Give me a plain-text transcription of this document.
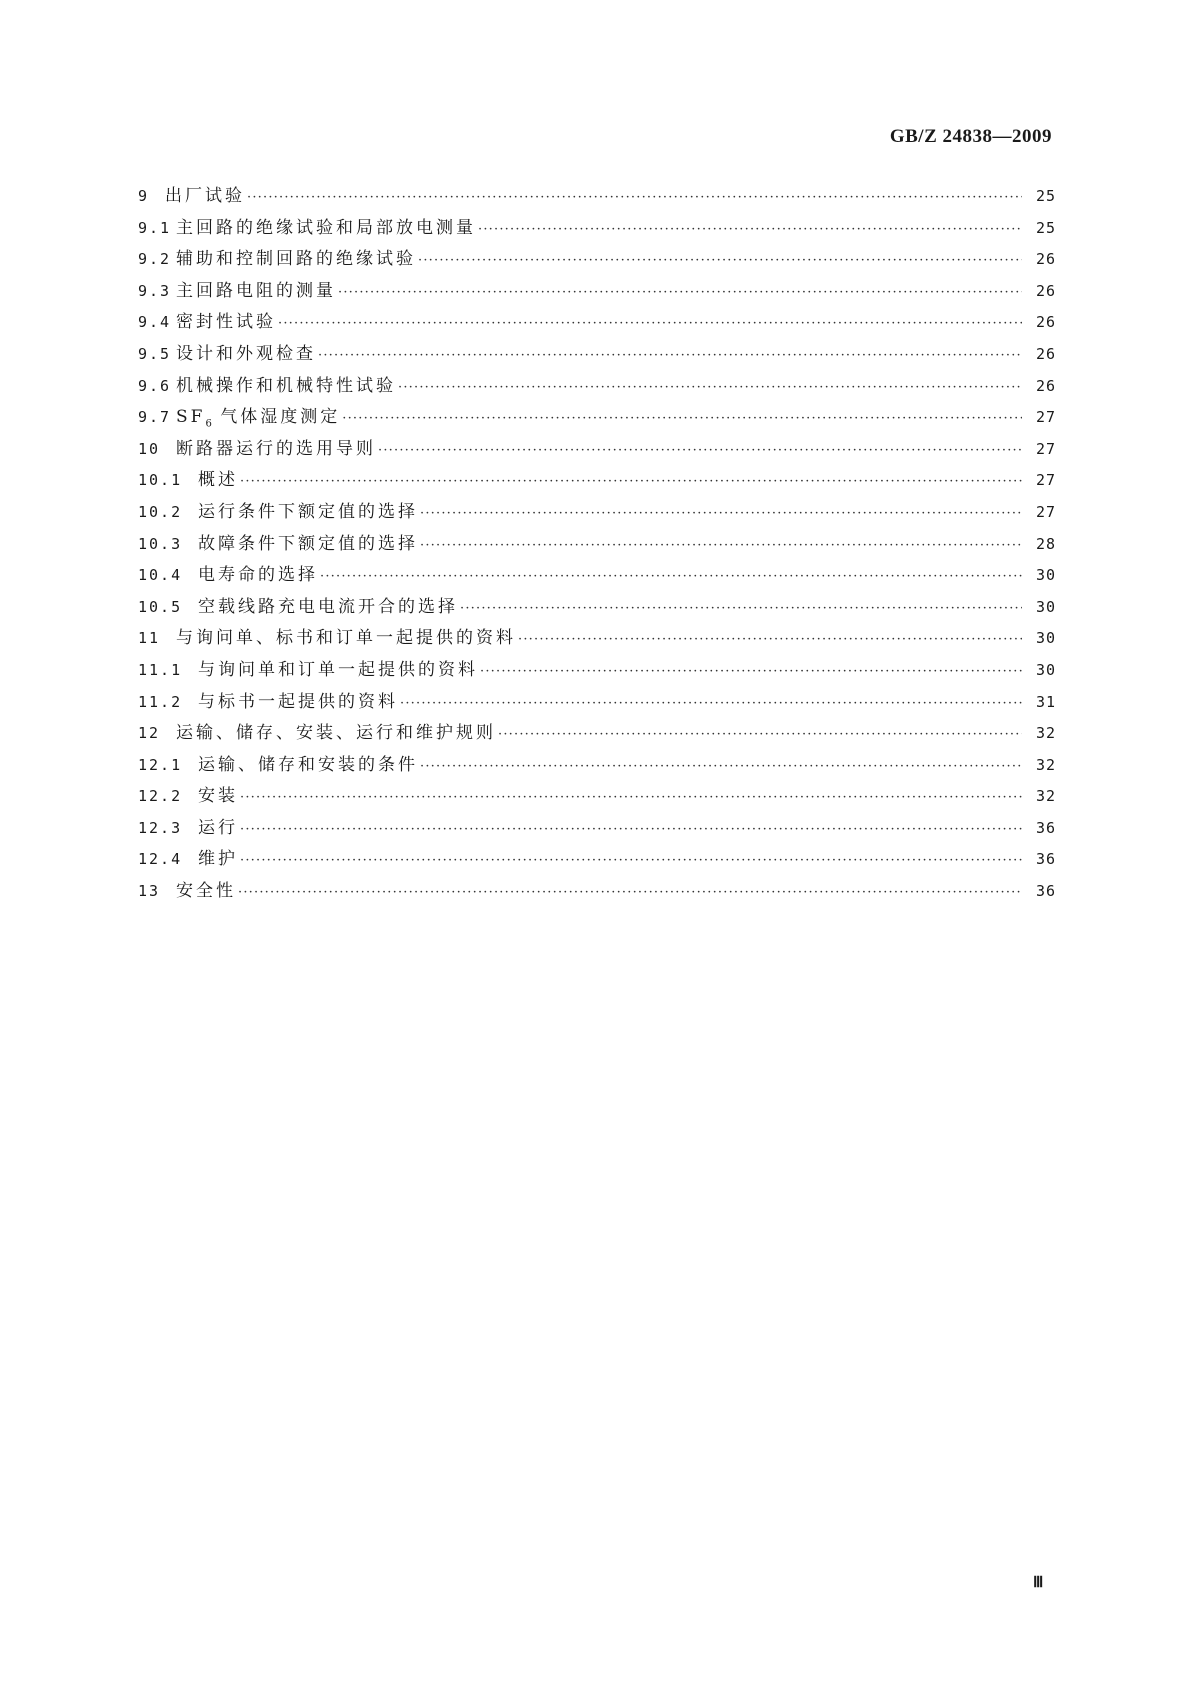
GB/Z 24838—2009
9 出厂试验 ·····	25
9.1 主回路的绝缘试验和局部放电测量 ·····	25
9.2 辅助和控制回路的绝缘试验 ·····	26
9.3 主回路电阻的测量 ·····	26
9.4 密封性试验 ·····	26
9.5 设计和外观检查 ·····	26
9.6 机械操作和机械特性试验 ·····	26
9.7 $SF_6$ 气体湿度测定 ·····	27
10 断路器运行的选用导则 ·····	27
10.1 概述 ·····	27
10.2 运行条件下额定值的选择 ·····	27
10.3 故障条件下额定值的选择 ·····	28
10.4 电寿命的选择 ·····	30
10.5 空载线路充电电流开合的选择 ·····	30
11 与询问单、标书和订单一起提供的资料 ·····	30
11.1 与询问单和订单一起提供的资料 ·····	30
11.2 与标书一起提供的资料 ·····	31
12 运输、储存、安装、运行和维护规则 ·····	32
12.1 运输、储存和安装的条件 ·····	32
12.2 安装 ·····	32
12.3 运行 ·····	36
12.4 维护 ·····	36
13 安全性 ·····	36
Ⅲ
